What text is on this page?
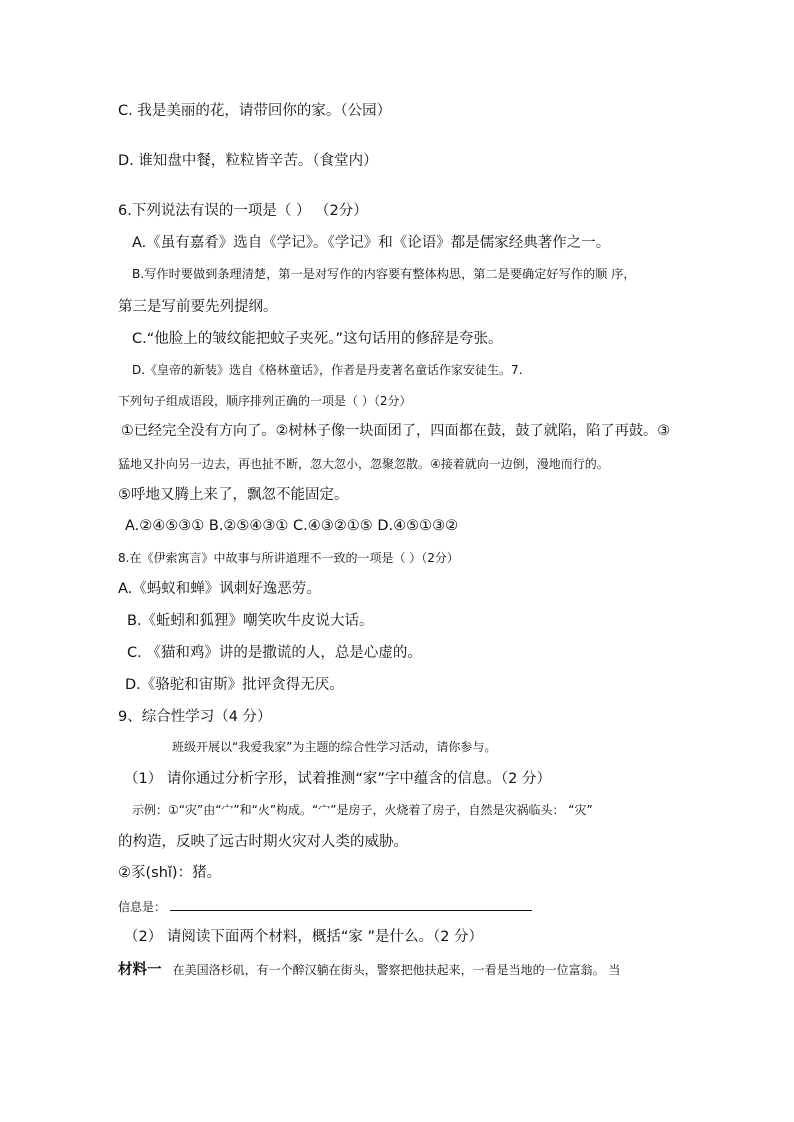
C. 我是美丽的花，请带回你的家。（公园）
D. 谁知盘中餐，粒粒皆辛苦。（食堂内）
6.下列说法有误的一项是（ ） （2分）
A.《虽有嘉肴》选自《学记》。《学记》和《论语》都是儒家经典著作之一。
B.写作时要做到条理清楚，第一是对写作的内容要有整体构思，第二是要确定好写作的顺 序，
第三是写前要先列提纲。
C.“他脸上的皱纹能把蚊子夹死。”这句话用的修辞是夸张。
D.《皇帝的新装》选自《格林童话》，作者是丹麦著名童话作家安徒生。7.
下列句子组成语段，顺序排列正确的一项是（ ）（2分）
①已经完全没有方向了。②树林子像一块面团了，四面都在鼓，鼓了就陷，陷了再鼓。③
猛地又扑向另一边去，再也扯不断，忽大忽小，忽聚忽散。④接着就向一边倒，漫地而行的。
⑤呼地又腾上来了，飘忽不能固定。
A.②④⑤③① B.②⑤④③① C.④③②①⑤ D.④⑤①③②
8.在《伊索寓言》中故事与所讲道理不一致的一项是（ ）（2分）
A.《蚂蚁和蝉》讽刺好逸恶劳。
B.《蚯蚓和狐狸》嘲笑吹牛皮说大话。
C. 《猫和鸡》讲的是撒谎的人，总是心虚的。
D.《骆驼和宙斯》批评贪得无厌。
9、综合性学习（4 分）
班级开展以“我爱我家”为主题的综合性学习活动，请你参与。
（1） 请你通过分析字形，试着推测“家”字中蕴含的信息。（2 分）
示例：①“灾”由“宀”和“火”构成。“宀”是房子，火烧着了房子，自然是灾祸临头： “灾”
的构造，反映了远古时期火灾对人类的威胁。
②豕(shǐ)：猪。
信息是：
（2） 请阅读下面两个材料，概括“家 ”是什么。（2 分）
材料一 在美国洛杉矶，有一个醉汉躺在街头，警察把他扶起来，一看是当地的一位富翁。 当
